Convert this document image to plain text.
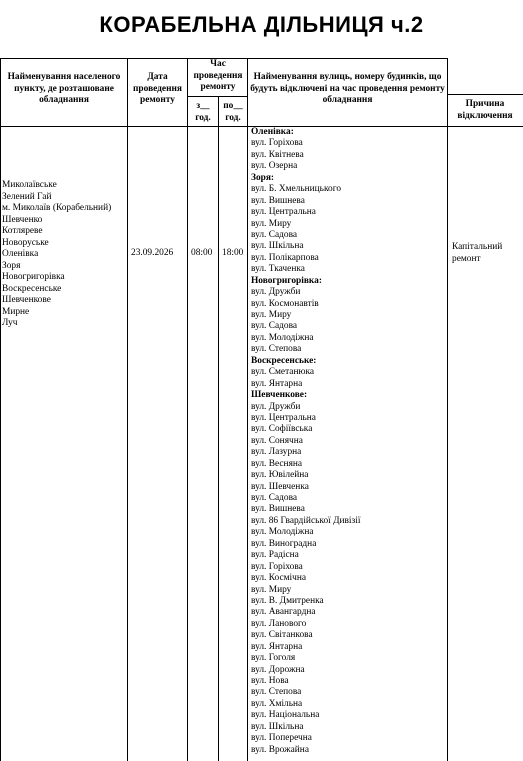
КОРАБЕЛЬНА ДІЛЬНИЦЯ ч.2
Найменування населеного пункту, де розташоване обладнання
Дата проведення ремонту
Час проведення ремонту
з__ год.
по__ год.
Найменування вулиць, номеру будинків, що будуть відключені на час проведення ремонту обладнання	Причина відключення
Миколаївське
Зелений Гай
м. Миколаїв (Корабельний)
Шевченко
Котляреве
Новоруське
Оленівка
Зоря
Новогригорівка
Воскресенське
Шевченкове
Мирне
Луч
23.09.2026 08:00 18:00
Капітальний ремонт
Оленівка:
вул. Горіхова
вул. Квітнева
вул. Озерна
Зоря:
вул. Б. Хмельницького
вул. Вишнева
вул. Центральна
вул. Миру
вул. Садова
вул. Шкільна
вул. Полікарпова
вул. Ткаченка
Новогригорівка:
вул. Дружби
вул. Космонавтів
вул. Миру
вул. Садова
вул. Молодіжна
вул. Степова
Воскресенське:
вул. Сметанюка
вул. Янтарна
Шевченкове:
вул. Дружби
вул. Центральна
вул. Софіївська
вул. Сонячна
вул. Лазурна
вул. Весняна
вул. Ювілейна
вул. Шевченка
вул. Садова
вул. Вишнева
вул. 86 Гвардійської Дивізії
вул. Молодіжна
вул. Виноградна
вул. Радісна
вул. Горіхова
вул. Космічна
вул. Миру
вул. В. Дмитренка
вул. Авангардна
вул. Ланового
вул. Світанкова
вул. Янтарна
вул. Гоголя
вул. Дорожна
вул. Нова
вул. Степова
вул. Хмільна
вул. Національна
вул. Шкільна
вул. Поперечна
вул. Врожайна
